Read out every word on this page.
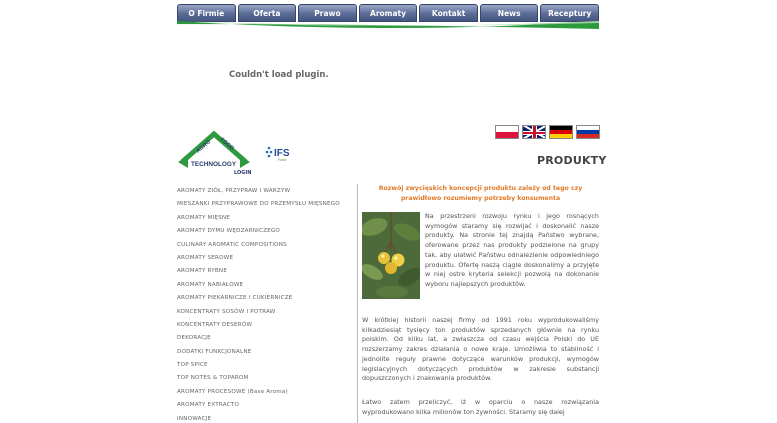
O Firmie	Oferta	Prawo	Aromaty	Kontakt	News	Receptury
Couldn't load plugin.
AGRO FOOD
TECHNOLOGY
LOGIN
IFS
Food	PRODUKTY
AROMATY ZIÓŁ, PRZYPRAW I WARZYW
MIESZANKI PRZYPRAWOWE DO PRZEMYSŁU MIĘSNEGO
AROMATY MIĘSNE
AROMATY DYMU WĘDZARNICZEGO
CULINARY AROMATIC COMPOSITIONS
AROMATY SEROWE
AROMATY RYBNE
AROMATY NABIAŁOWE
AROMATY PIEKARNICZE I CUKIERNICZE
KONCENTRATY SOSÓW I POTRAW
KONCENTRATY DESERÓW
DEKORACJE
DODATKI FUNKCJONALNE
TOP SPICE
TOP NOTES & TOPAROM
AROMATY PROCESOWE (Base Aroma)
AROMATY EXTRACTO
INNOWACJE
Rozwój zwycięskich koncepcji produktu zależy od tego czy prawidłowo rozumiemy potrzeby konsumenta
Na przestrzeni rozwoju rynku i jego rosnących wymogów staramy się rozwijać i doskonalić nasze produkty. Na stronie tej znajdą Państwo wybrane, oferowane przez nas produkty podzielone na grupy tak, aby ułatwić Państwu odnalezienie odpowiedniego produktu. Ofertę naszą ciągle doskonalimy a przyjęte w niej ostre kryteria selekcji pozwolą na dokonanie wyboru najlepszych produktów.
W krótkiej historii naszej firmy od 1991 roku wyprodukowaliśmy kilkadziesiąt tysięcy ton produktów sprzedanych głównie na rynku polskim. Od kilku lat, a zwłaszcza od czasu wejścia Polski do UE rozszerzamy zakres działania o nowe kraje. Umożliwia to stabilność i jednolite reguły prawne dotyczące warunków produkcji, wymogów legislacyjnych dotyczących produktów w zakresie substancji dopuszczonych i znakowania produktów.
Łatwo zatem przeliczyć, iż w oparciu o nasze rozwiązania wyprodukowano kilka milionów ton żywności. Staramy się dalej
